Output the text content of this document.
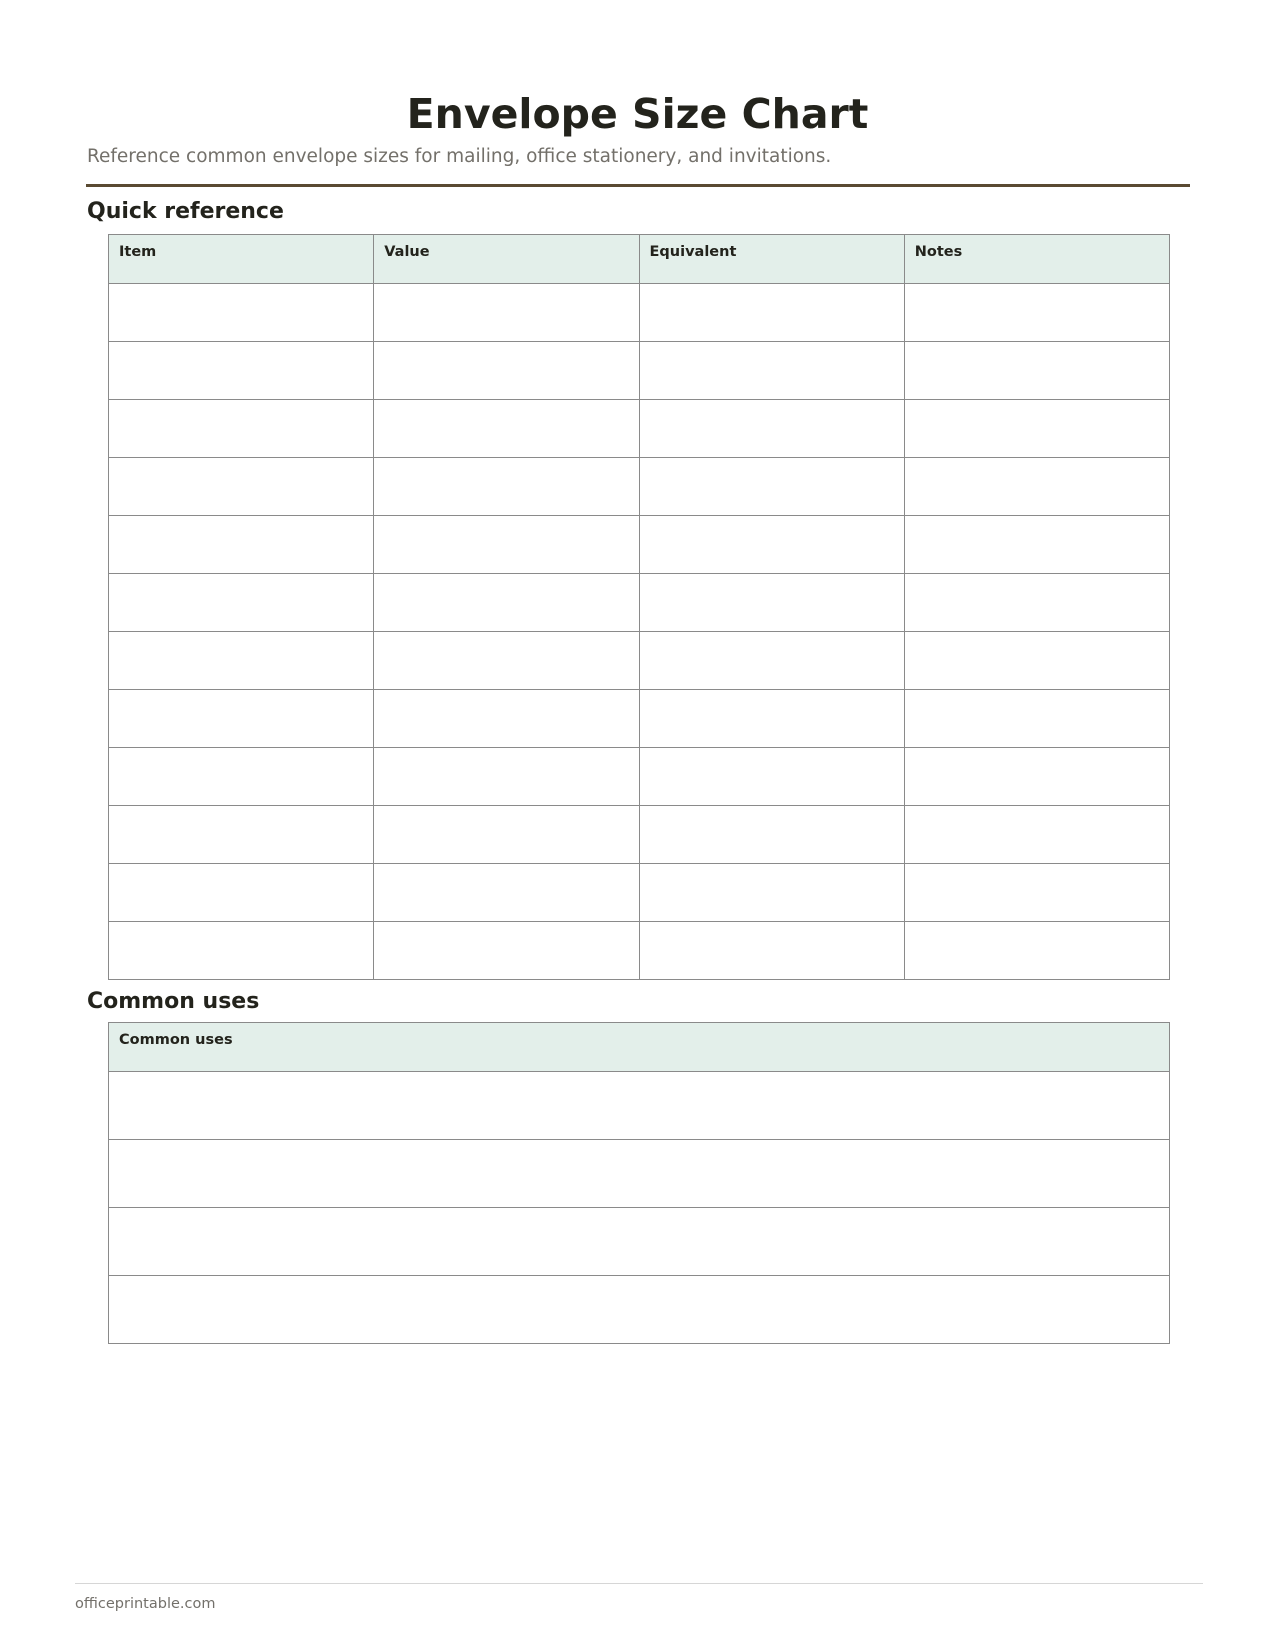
Envelope Size Chart

Reference common envelope sizes for mailing, office stationery, and invitations.

Quick reference
Item	Value	Equivalent	Notes

Common uses
Common uses

officeprintable.com
